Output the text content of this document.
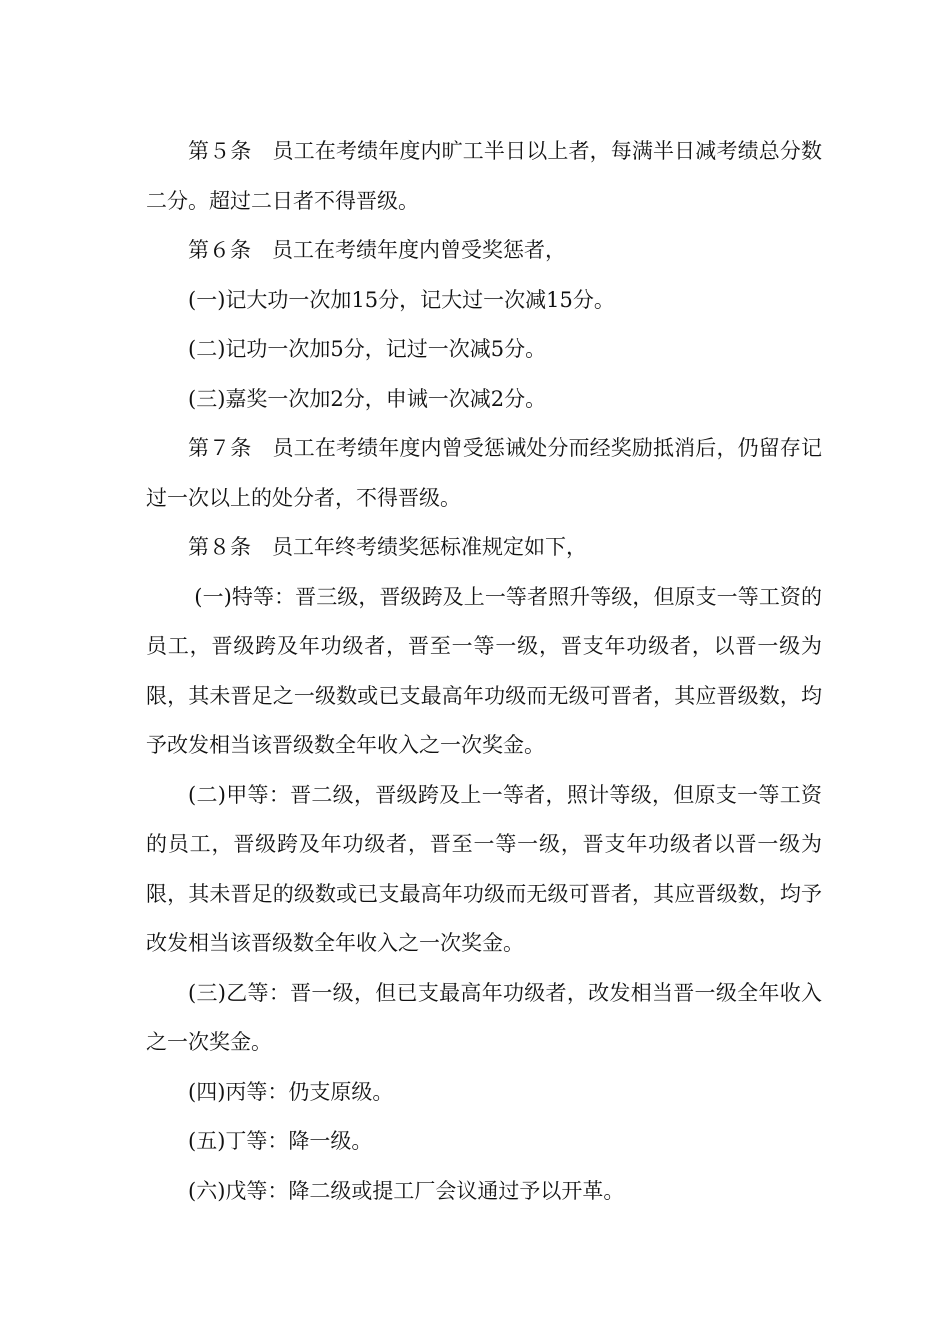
第５条　员工在考绩年度内旷工半日以上者，每满半日减考绩总分数二分。超过二日者不得晋级。

第６条　员工在考绩年度内曾受奖惩者，

(一)记大功一次加15分，记大过一次减15分。

(二)记功一次加5分，记过一次减5分。

(三)嘉奖一次加2分，申诫一次减2分。

第７条　员工在考绩年度内曾受惩诫处分而经奖励抵消后，仍留存记过一次以上的处分者，不得晋级。

第８条　员工年终考绩奖惩标准规定如下，

(一)特等：晋三级，晋级跨及上一等者照升等级，但原支一等工资的员工，晋级跨及年功级者，晋至一等一级，晋支年功级者，以晋一级为限，其未晋足之一级数或已支最高年功级而无级可晋者，其应晋级数，均予改发相当该晋级数全年收入之一次奖金。

(二)甲等：晋二级，晋级跨及上一等者，照计等级，但原支一等工资的员工，晋级跨及年功级者，晋至一等一级，晋支年功级者以晋一级为限，其未晋足的级数或已支最高年功级而无级可晋者，其应晋级数，均予改发相当该晋级数全年收入之一次奖金。

(三)乙等：晋一级，但已支最高年功级者，改发相当晋一级全年收入之一次奖金。

(四)丙等：仍支原级。

(五)丁等：降一级。

(六)戊等：降二级或提工厂会议通过予以开革。
